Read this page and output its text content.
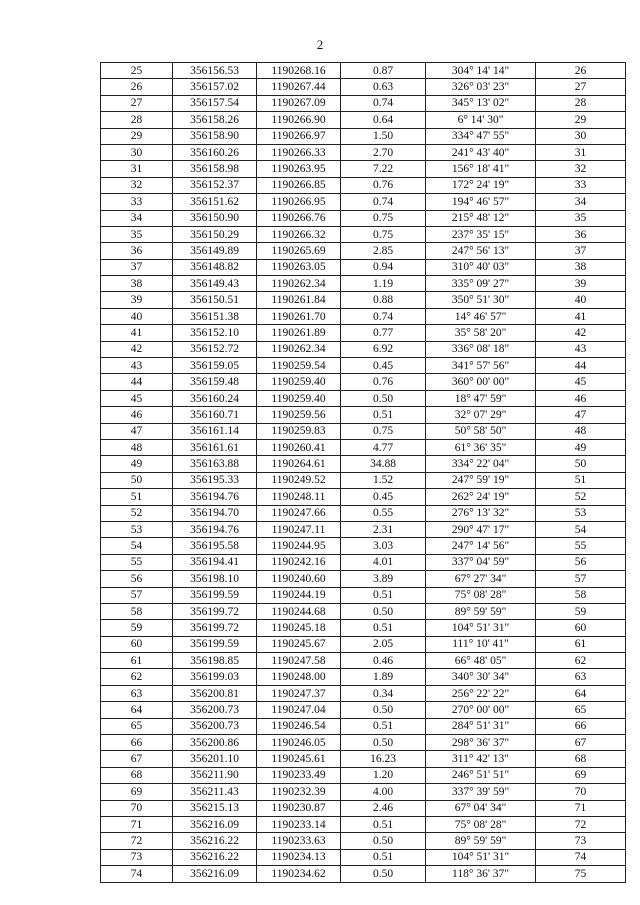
2
25	356156.53	1190268.16	0.87	304° 14' 14"	26
26	356157.02	1190267.44	0.63	326° 03' 23"	27
27	356157.54	1190267.09	0.74	345° 13' 02"	28
28	356158.26	1190266.90	0.64	6° 14' 30"	29
29	356158.90	1190266.97	1.50	334° 47' 55"	30
30	356160.26	1190266.33	2.70	241° 43' 40"	31
31	356158.98	1190263.95	7.22	156° 18' 41"	32
32	356152.37	1190266.85	0.76	172° 24' 19"	33
33	356151.62	1190266.95	0.74	194° 46' 57"	34
34	356150.90	1190266.76	0.75	215° 48' 12"	35
35	356150.29	1190266.32	0.75	237° 35' 15"	36
36	356149.89	1190265.69	2.85	247° 56' 13"	37
37	356148.82	1190263.05	0.94	310° 40' 03"	38
38	356149.43	1190262.34	1.19	335° 09' 27"	39
39	356150.51	1190261.84	0.88	350° 51' 30"	40
40	356151.38	1190261.70	0.74	14° 46' 57"	41
41	356152.10	1190261.89	0.77	35° 58' 20"	42
42	356152.72	1190262.34	6.92	336° 08' 18"	43
43	356159.05	1190259.54	0.45	341° 57' 56"	44
44	356159.48	1190259.40	0.76	360° 00' 00"	45
45	356160.24	1190259.40	0.50	18° 47' 59"	46
46	356160.71	1190259.56	0.51	32° 07' 29"	47
47	356161.14	1190259.83	0.75	50° 58' 50"	48
48	356161.61	1190260.41	4.77	61° 36' 35"	49
49	356163.88	1190264.61	34.88	334° 22' 04"	50
50	356195.33	1190249.52	1.52	247° 59' 19"	51
51	356194.76	1190248.11	0.45	262° 24' 19"	52
52	356194.70	1190247.66	0.55	276° 13' 32"	53
53	356194.76	1190247.11	2.31	290° 47' 17"	54
54	356195.58	1190244.95	3.03	247° 14' 56"	55
55	356194.41	1190242.16	4.01	337° 04' 59"	56
56	356198.10	1190240.60	3.89	67° 27' 34"	57
57	356199.59	1190244.19	0.51	75° 08' 28"	58
58	356199.72	1190244.68	0.50	89° 59' 59"	59
59	356199.72	1190245.18	0.51	104° 51' 31"	60
60	356199.59	1190245.67	2.05	111° 10' 41"	61
61	356198.85	1190247.58	0.46	66° 48' 05"	62
62	356199.03	1190248.00	1.89	340° 30' 34"	63
63	356200.81	1190247.37	0.34	256° 22' 22"	64
64	356200.73	1190247.04	0.50	270° 00' 00"	65
65	356200.73	1190246.54	0.51	284° 51' 31"	66
66	356200.86	1190246.05	0.50	298° 36' 37"	67
67	356201.10	1190245.61	16.23	311° 42' 13"	68
68	356211.90	1190233.49	1.20	246° 51' 51"	69
69	356211.43	1190232.39	4.00	337° 39' 59"	70
70	356215.13	1190230.87	2.46	67° 04' 34"	71
71	356216.09	1190233.14	0.51	75° 08' 28"	72
72	356216.22	1190233.63	0.50	89° 59' 59"	73
73	356216.22	1190234.13	0.51	104° 51' 31"	74
74	356216.09	1190234.62	0.50	118° 36' 37"	75
